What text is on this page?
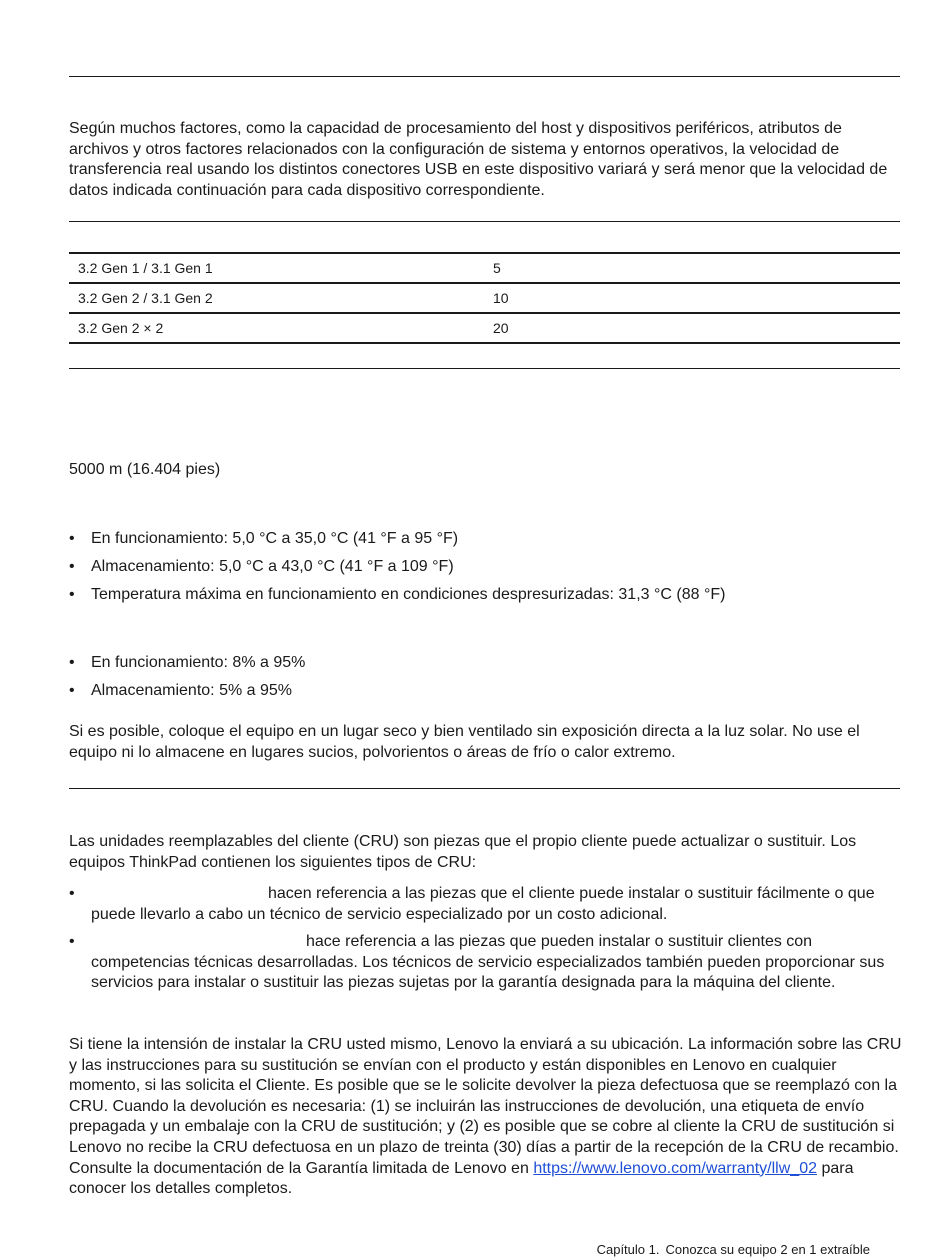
Según muchos factores, como la capacidad de procesamiento del host y dispositivos periféricos, atributos de archivos y otros factores relacionados con la configuración de sistema y entornos operativos, la velocidad de transferencia real usando los distintos conectores USB en este dispositivo variará y será menor que la velocidad de datos indicada continuación para cada dispositivo correspondiente.

3.2 Gen 1 / 3.1 Gen 1	5
3.2 Gen 2 / 3.1 Gen 2	10
3.2 Gen 2 × 2	20
5000 m (16.404 pies)
• En funcionamiento: 5,0 °C a 35,0 °C (41 °F a 95 °F)
• Almacenamiento: 5,0 °C a 43,0 °C (41 °F a 109 °F)
• Temperatura máxima en funcionamiento en condiciones despresurizadas: 31,3 °C (88 °F)
• En funcionamiento: 8% a 95%
• Almacenamiento: 5% a 95%

Si es posible, coloque el equipo en un lugar seco y bien ventilado sin exposición directa a la luz solar. No use el equipo ni lo almacene en lugares sucios, polvorientos o áreas de frío o calor extremo.

Las unidades reemplazables del cliente (CRU) son piezas que el propio cliente puede actualizar o sustituir. Los equipos ThinkPad contienen los siguientes tipos de CRU:

• hacen referencia a las piezas que el cliente puede instalar o sustituir fácilmente o que puede llevarlo a cabo un técnico de servicio especializado por un costo adicional.
• hace referencia a las piezas que pueden instalar o sustituir clientes con competencias técnicas desarrolladas. Los técnicos de servicio especializados también pueden proporcionar sus servicios para instalar o sustituir las piezas sujetas por la garantía designada para la máquina del cliente.

Si tiene la intensión de instalar la CRU usted mismo, Lenovo la enviará a su ubicación. La información sobre las CRU y las instrucciones para su sustitución se envían con el producto y están disponibles en Lenovo en cualquier momento, si las solicita el Cliente. Es posible que se le solicite devolver la pieza defectuosa que se reemplazó con la CRU. Cuando la devolución es necesaria: (1) se incluirán las instrucciones de devolución, una etiqueta de envío prepagada y un embalaje con la CRU de sustitución; y (2) es posible que se cobre al cliente la CRU de sustitución si Lenovo no recibe la CRU defectuosa en un plazo de treinta (30) días a partir de la recepción de la CRU de recambio. Consulte la documentación de la Garantía limitada de Lenovo en https://www.lenovo.com/warranty/llw_02 para conocer los detalles completos.

Capítulo 1. Conozca su equipo 2 en 1 extraíble
